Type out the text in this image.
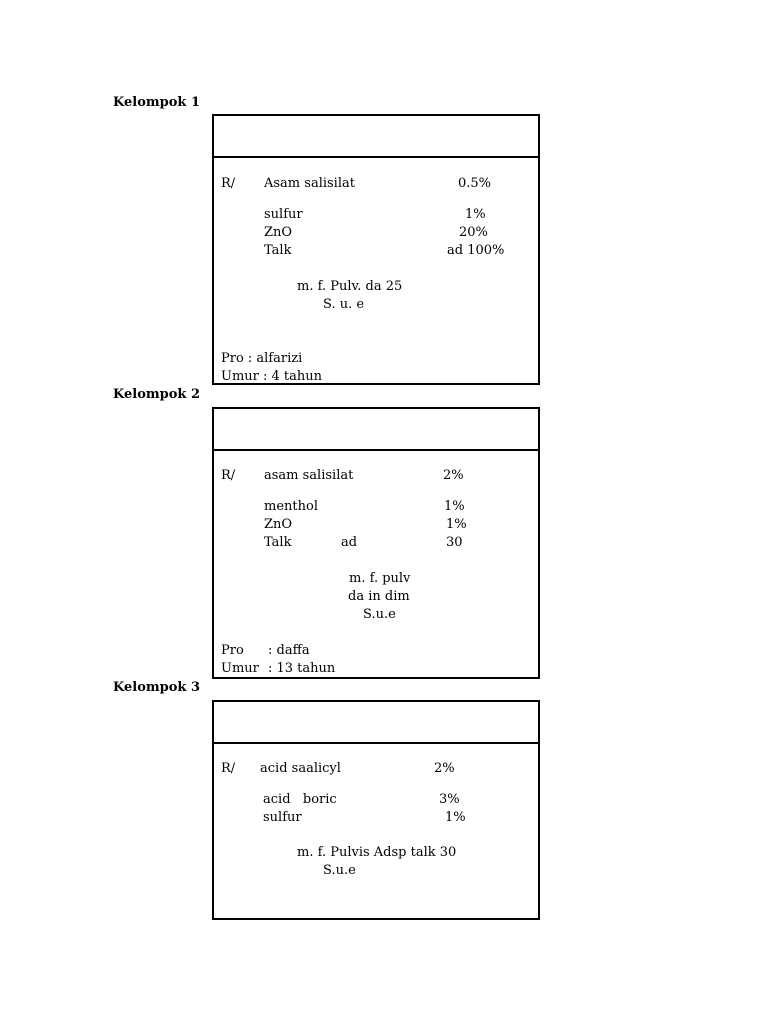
Kelompok 1
R/ Asam salisilat	0.5%
sulfur	1%
ZnO	20%
Talk	ad 100%
m. f. Pulv. da 25
S. u. e
Pro : alfarizi
Umur : 4 tahun
Kelompok 2
R/ asam salisilat	2%
menthol	1%
ZnO	1%
Talk	ad	30
m. f. pulv
da in dim
S.u.e
Pro : daffa
Umur : 13 tahun
Kelompok 3
R/ acid saalicyl	2%
acid   boric	3%
sulfur	1%
m. f. Pulvis Adsp talk 30
S.u.e
